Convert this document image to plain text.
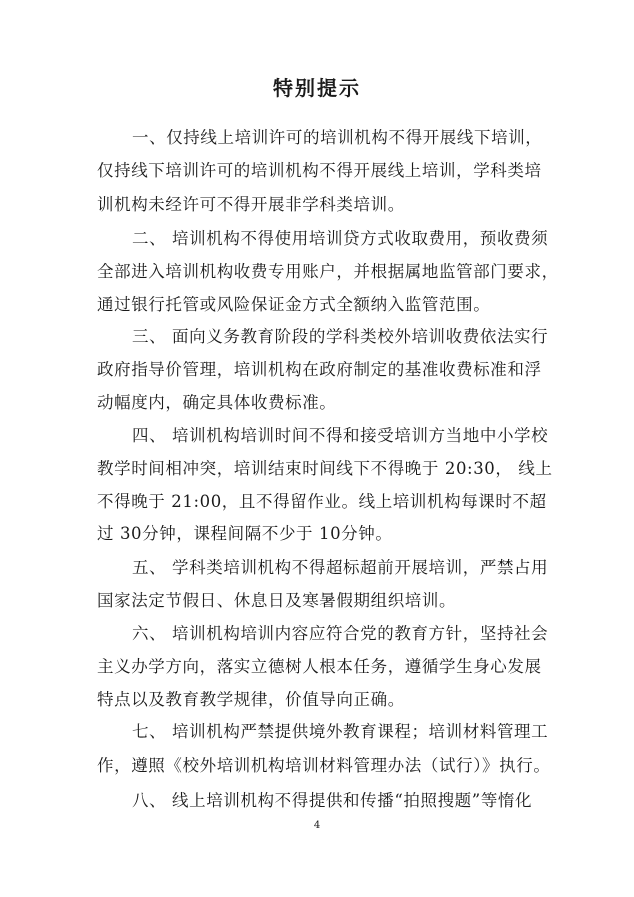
特别提示
一、仅持线上培训许可的培训机构不得开展线下培训，
仅持线下培训许可的培训机构不得开展线上培训，学科类培
训机构未经许可不得开展非学科类培训。
二、 培训机构不得使用培训贷方式收取费用，预收费须
全部进入培训机构收费专用账户，并根据属地监管部门要求，
通过银行托管或风险保证金方式全额纳入监管范围。
三、 面向义务教育阶段的学科类校外培训收费依法实行
政府指导价管理，培训机构在政府制定的基准收费标准和浮
动幅度内，确定具体收费标准。
四、 培训机构培训时间不得和接受培训方当地中小学校
教学时间相冲突，培训结束时间线下不得晚于 20:30， 线上
不得晚于 21:00，且不得留作业。线上培训机构每课时不超
过 30分钟，课程间隔不少于 10分钟。
五、 学科类培训机构不得超标超前开展培训，严禁占用
国家法定节假日、休息日及寒暑假期组织培训。
六、 培训机构培训内容应符合党的教育方针，坚持社会
主义办学方向，落实立德树人根本任务，遵循学生身心发展
特点以及教育教学规律，价值导向正确。
七、 培训机构严禁提供境外教育课程；培训材料管理工
作，遵照《校外培训机构培训材料管理办法（试行）》执行。
八、 线上培训机构不得提供和传播“拍照搜题”等惰化
4
